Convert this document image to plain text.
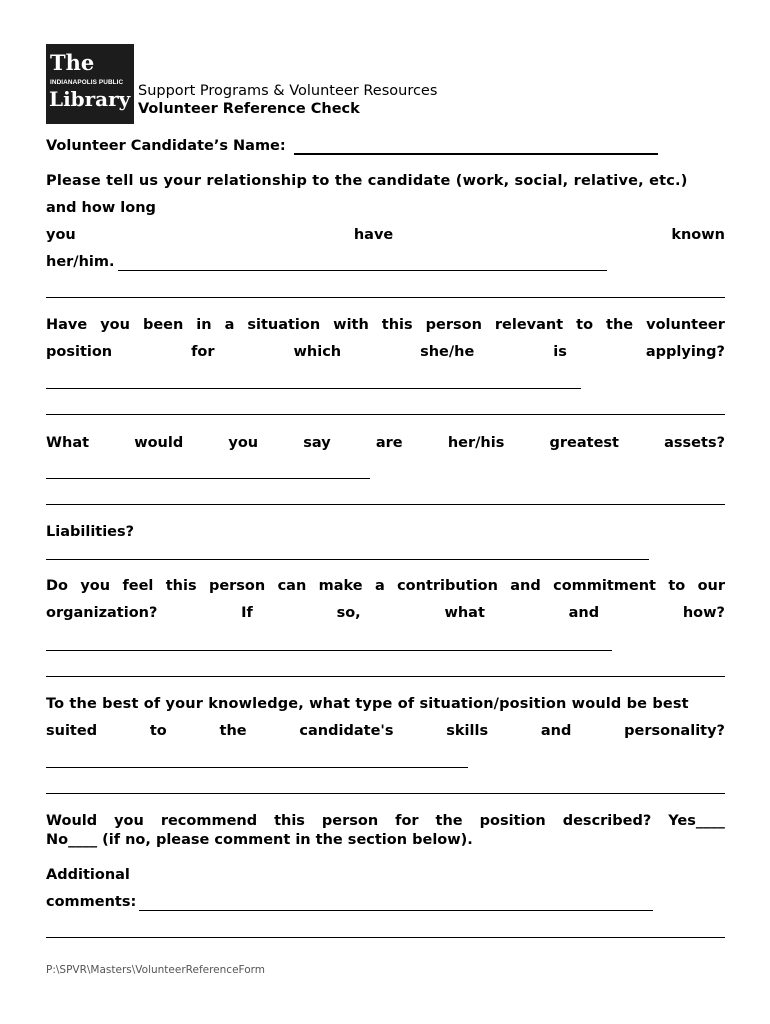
The
INDIANAPOLIS PUBLIC
Library Support Programs & Volunteer Resources
Volunteer Reference Check
Volunteer Candidate’s Name:
Please tell us your relationship to the candidate (work, social, relative, etc.)
and how long
you	have	known
her/him.
Have you been in a situation with this person relevant to the volunteer
position	for	which	she/he	is	applying?
What	would	you	say	are	her/his	greatest	assets?
Liabilities?
Do you feel this person can make a contribution and commitment to our
organization?	If	so,	what	and	how?
To the best of your knowledge, what type of situation/position would be best
suited	to	the	candidate's	skills	and	personality?
Would you recommend this person for the position described? Yes____
No____ (if no, please comment in the section below).
Additional
comments:
P:\SPVR\Masters\VolunteerReferenceForm
